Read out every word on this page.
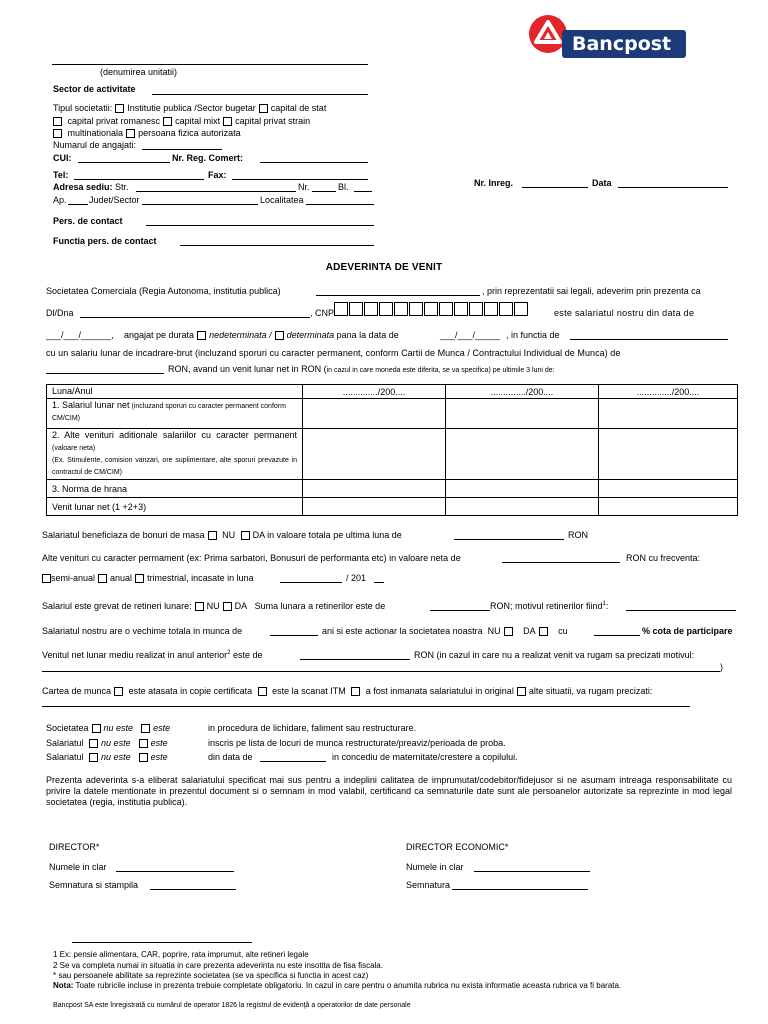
Bancpost
(denumirea unitatii)
Sector de activitate
Tipul societatii: Institutie publica /Sector bugetar capital de stat
capital privat romanesc capital mixt capital privat strain
multinationala persoana fizica autorizata
Numarul de angajati:
CUI:	Nr. Reg. Comert:
Tel:	Fax:
Adresa sediu: Str.	Nr.	Bl.
Ap. Judet/Sector	Localitatea
Pers. de contact
Functia pers. de contact
Nr. Inreg.	Data
ADEVERINTA DE VENIT
Societatea Comerciala (Regia Autonoma, institutia publica)	, prin reprezentatii sai legali, adeverim prin prezenta ca
Dl/Dna	, CNP	este salariatul nostru din data de
___/___/______, angajat pe durata nedeterminata / determinata pana la data de	___/___/_____ , in functia de
cu un salariu lunar de incadrare-brut (incluzand sporuri cu caracter permanent, conform Cartii de Munca / Contractului Individual de Munca) de
RON, avand un venit lunar net in RON (in cazul in care moneda este diferita, se va specifica) pe ultimile 3 luni de:
Luna/Anul	............../200....	............../200....	............../200....
1. Salariul lunar net (incluzand sporuri cu caracter permanent conform CM/CIM)			
2. Alte venituri aditionale salariilor cu caracter permanent (valoare neta)
(Ex. Stimulente, comision vanzari, ore suplimentare, alte sporuri prevazute in contractul de CM/CIM)			
3. Norma de hrana			
Venit lunar net (1 +2+3)			
Salariatul beneficiaza de bonuri de masa NU DA in valoare totala pe ultima luna de	RON
Alte venituri cu caracter permament (ex: Prima sarbatori, Bonusuri de performanta etc) in valoare neta de	RON cu frecventa:
semi-anual anual trimestrial, incasate in luna	/ 201
Salariul este grevat de retineri lunare: NU DA Suma lunara a retinerilor este de	RON; motivul retinerilor fiind$^1$:
Salariatul nostru are o vechime totala in munca de	ani si este actionar la societatea noastra NU	DA	cu	% cota de participare
Venitul net lunar mediu realizat in anul anterior$^2$ este de	RON (in cazul in care nu a realizat venit va rugam sa precizati motivul:
)
Cartea de munca este atasata in copie certificata este la scanat ITM a fost inmanata salariatului in original alte situatii, va rugam precizati:
Societatea nu este este	in procedura de lichidare, faliment sau restructurare.
Salariatul nu este este	inscris pe lista de locuri de munca restructurate/preaviz/perioada de proba.
Salariatul nu este este	din data de	in concediu de maternitate/crestere a copilului.
Prezenta adeverinta s-a eliberat salariatului specificat mai sus pentru a indeplini calitatea de imprumutat/codebitor/fidejusor si ne asumam intreaga responsabilitate cu privire la datele mentionate in prezentul document si o semnam in mod valabil, certificand ca semnaturile date sunt ale persoanelor autorizate sa reprezinte in mod legal societatea (regia, institutia publica).
DIRECTOR*
Numele in clar
Semnatura si stampila
DIRECTOR ECONOMIC*
Numele in clar
Semnatura
1 Ex: pensie alimentara, CAR, poprire, rata imprumut, alte retineri legale
2 Se va completa numai in situatia in care prezenta adeverinta nu este insotita de fisa fiscala.
* sau persoanele abilitate sa reprezinte societatea (se va specifica si functia in acest caz)
Nota: Toate rubricile incluse in prezenta trebuie completate obligatoriu. In cazul in care pentru o anumita rubrica nu exista informatie aceasta rubrica va fi barata.
Bancpost SA este înregistrată cu numărul de operator 1826 la registrul de evidenţă a operatorilor de date personale
